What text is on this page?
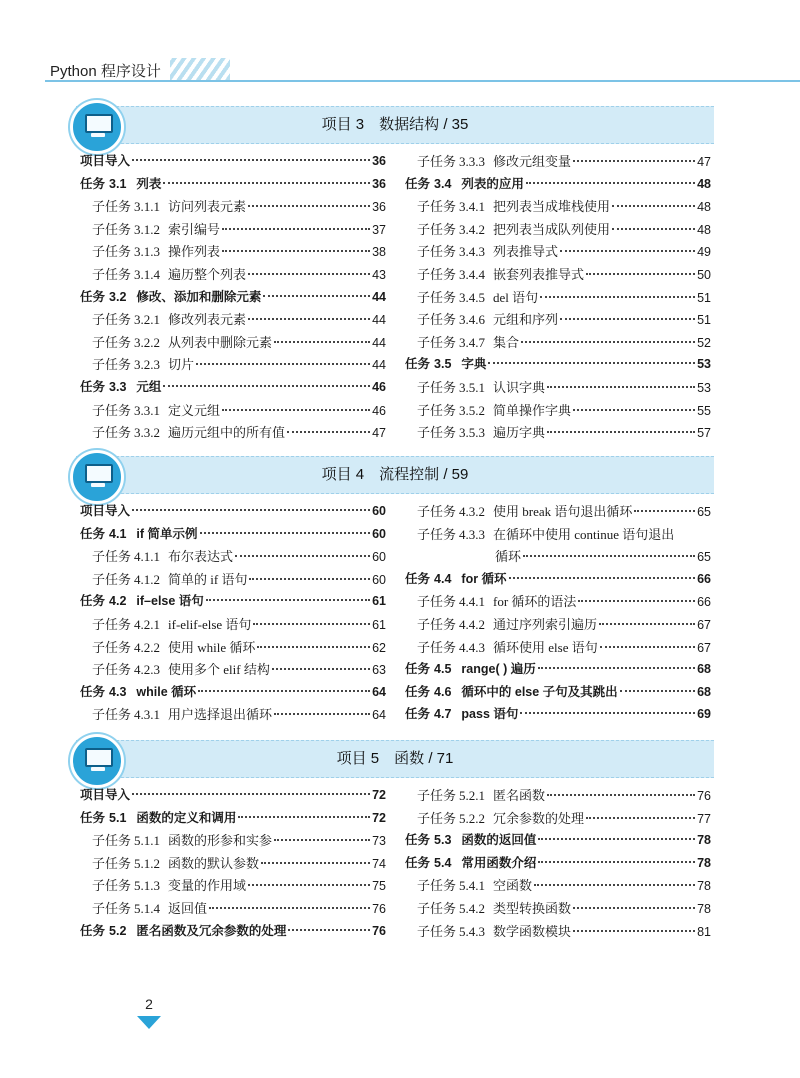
Python 程序设计
项目 3　数据结构 / 35
项目导入	36
任务 3.1 列表	36
子任务 3.1.1 访问列表元素	36
子任务 3.1.2 索引编号	37
子任务 3.1.3 操作列表	38
子任务 3.1.4 遍历整个列表	43
任务 3.2 修改、添加和删除元素	44
子任务 3.2.1 修改列表元素	44
子任务 3.2.2 从列表中删除元素	44
子任务 3.2.3 切片	44
任务 3.3 元组	46
子任务 3.3.1 定义元组	46
子任务 3.3.2 遍历元组中的所有值	47
子任务 3.3.3 修改元组变量	47
任务 3.4 列表的应用	48
子任务 3.4.1 把列表当成堆栈使用	48
子任务 3.4.2 把列表当成队列使用	48
子任务 3.4.3 列表推导式	49
子任务 3.4.4 嵌套列表推导式	50
子任务 3.4.5 del 语句	51
子任务 3.4.6 元组和序列	51
子任务 3.4.7 集合	52
任务 3.5 字典	53
子任务 3.5.1 认识字典	53
子任务 3.5.2 简单操作字典	55
子任务 3.5.3 遍历字典	57
项目 4　流程控制 / 59
项目导入	60
任务 4.1 if 简单示例	60
子任务 4.1.1 布尔表达式	60
子任务 4.1.2 简单的 if 语句	60
任务 4.2 if–else 语句	61
子任务 4.2.1 if-elif-else 语句	61
子任务 4.2.2 使用 while 循环	62
子任务 4.2.3 使用多个 elif 结构	63
任务 4.3 while 循环	64
子任务 4.3.1 用户选择退出循环	64
子任务 4.3.2 使用 break 语句退出循环	65
子任务 4.3.3 在循环中使用 continue 语句退出
循环	65
任务 4.4 for 循环	66
子任务 4.4.1 for 循环的语法	66
子任务 4.4.2 通过序列索引遍历	67
子任务 4.4.3 循环使用 else 语句	67
任务 4.5 range( ) 遍历	68
任务 4.6 循环中的 else 子句及其跳出	68
任务 4.7 pass 语句	69
项目 5　函数 / 71
项目导入	72
任务 5.1 函数的定义和调用	72
子任务 5.1.1 函数的形参和实参	73
子任务 5.1.2 函数的默认参数	74
子任务 5.1.3 变量的作用域	75
子任务 5.1.4 返回值	76
任务 5.2 匿名函数及冗余参数的处理	76
子任务 5.2.1 匿名函数	76
子任务 5.2.2 冗余参数的处理	77
任务 5.3 函数的返回值	78
任务 5.4 常用函数介绍	78
子任务 5.4.1 空函数	78
子任务 5.4.2 类型转换函数	78
子任务 5.4.3 数学函数模块	81
2
